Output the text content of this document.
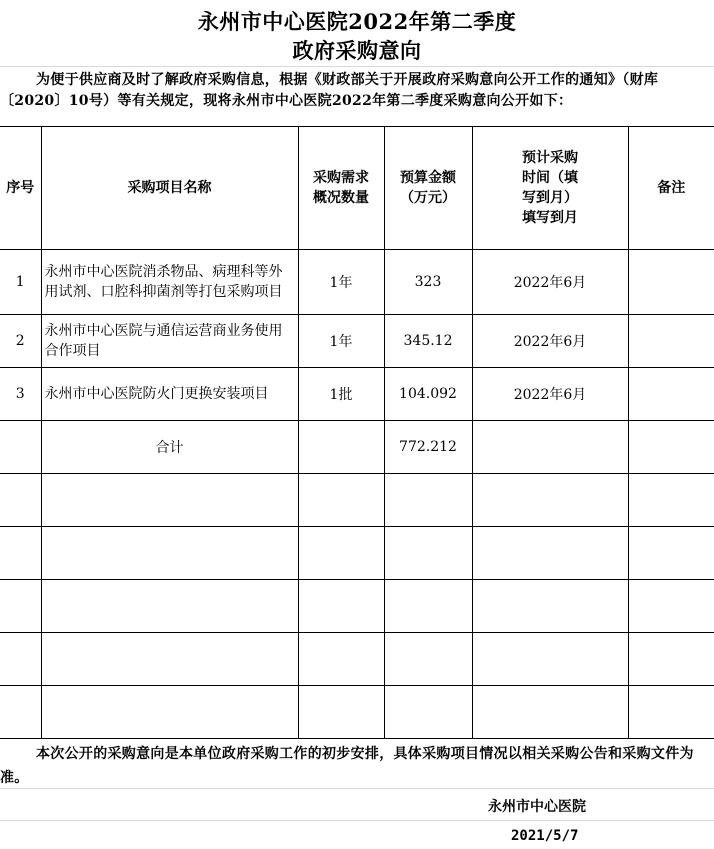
永州市中心医院2022年第二季度
政府采购意向
为便于供应商及时了解政府采购信息，根据《财政部关于开展政府采购意向公开工作的通知》（财库〔2020〕10号）等有关规定，现将永州市中心医院2022年第二季度采购意向公开如下：
序号	采购项目名称	采购需求概况数量	预算金额（万元）	预计采购时间（填写到月）填写到月	备注
1	永州市中心医院消杀物品、病理科等外用试剂、口腔科抑菌剂等打包采购项目	1年	323	2022年6月	
2	永州市中心医院与通信运营商业务使用合作项目	1年	345.12	2022年6月	
3	永州市中心医院防火门更换安装项目	1批	104.092	2022年6月	
	合计		772.212		

本次公开的采购意向是本单位政府采购工作的初步安排，具体采购项目情况以相关采购公告和采购文件为准。
永州市中心医院
2021/5/7
